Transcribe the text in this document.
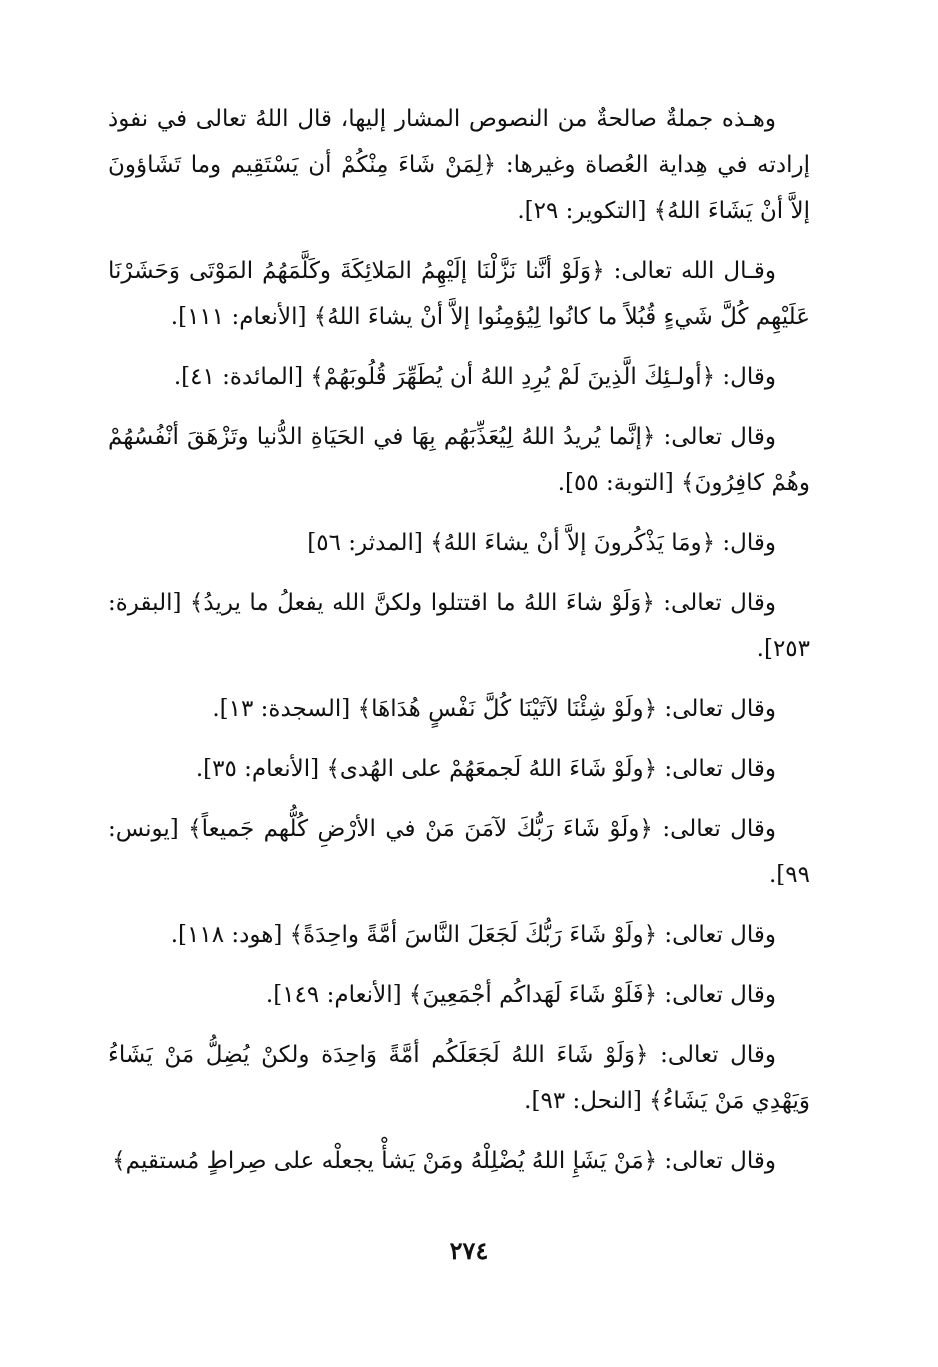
وهـذه جملةٌ صالحةٌ من النصوص المشار إليها، قال اللهُ تعالى في نفوذ إرادته في هِداية العُصاة وغيرها: ﴿لِمَنْ شَاءَ مِنْكُمْ أن يَسْتَقِيم وما تَشَاؤونَ إلاَّ أنْ يَشَاءَ اللهُ﴾ [التكوير: ٢٩].

وقـال الله تعالى: ﴿وَلَوْ أنَّنا نَزَّلْنَا إلَيْهِمُ المَلائِكَةَ وكَلَّمَهُمُ المَوْتَى وَحَشَرْنَا عَلَيْهِم كُلَّ شَيءٍ قُبُلاً ما كانُوا لِيُؤمِنُوا إلاَّ أنْ يشاءَ اللهُ﴾ [الأنعام: ١١١].

وقال: ﴿أولـئِكَ الَّذِينَ لَمْ يُرِدِ اللهُ أن يُطَهِّرَ قُلُوبَهُمْ﴾ [المائدة: ٤١].

وقال تعالى: ﴿إنَّما يُريدُ اللهُ لِيُعَذِّبَهُم بِهَا في الحَيَاةِ الدُّنيا وتَزْهَقَ أنْفُسُهُمْ وهُمْ كافِرُونَ﴾ [التوبة: ٥٥].

وقال: ﴿ومَا يَذْكُرونَ إلاَّ أنْ يشاءَ اللهُ﴾ [المدثر: ٥٦]

وقال تعالى: ﴿وَلَوْ شاءَ اللهُ ما اقتتلوا ولكنَّ الله يفعلُ ما يريدُ﴾ [البقرة: ٢٥٣].

وقال تعالى: ﴿ولَوْ شِئْنَا لآتَيْنَا كُلَّ نَفْسٍ هُدَاهَا﴾ [السجدة: ١٣].

وقال تعالى: ﴿ولَوْ شَاءَ اللهُ لَجمعَهُمْ على الهُدى﴾ [الأنعام: ٣٥].

وقال تعالى: ﴿ولَوْ شَاءَ رَبُّكَ لآمَنَ مَنْ في الأرْضِ كُلُّهم جَميعاً﴾ [يونس: ٩٩].

وقال تعالى: ﴿ولَوْ شَاءَ رَبُّكَ لَجَعَلَ النَّاسَ أمَّةً واحِدَةً﴾ [هود: ١١٨].

وقال تعالى: ﴿فَلَوْ شَاءَ لَهَداكُم أجْمَعِينَ﴾ [الأنعام: ١٤٩].

وقال تعالى: ﴿وَلَوْ شَاءَ اللهُ لَجَعَلَكُم أمَّةً وَاحِدَة ولكنْ يُضِلُّ مَنْ يَشَاءُ وَيَهْدِي مَنْ يَشَاءُ﴾ [النحل: ٩٣].

وقال تعالى: ﴿مَنْ يَشَإِ اللهُ يُضْلِلْهُ ومَنْ يَشأْ يجعلْه على صِراطٍ مُستقيم﴾

٢٧٤
